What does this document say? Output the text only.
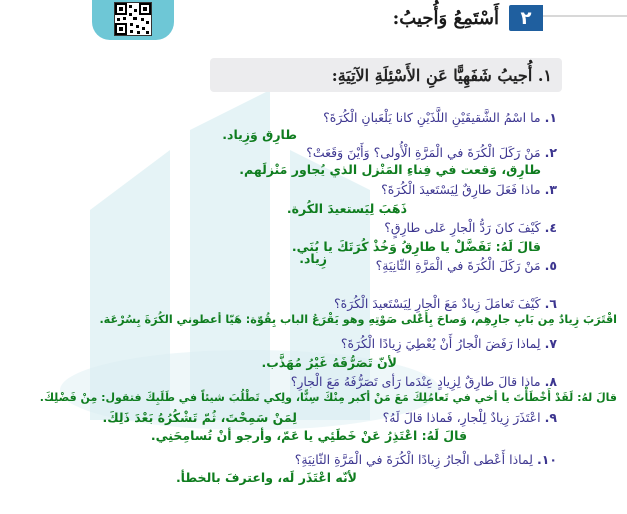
٢
أَسْتَمِعُ وَأُجيبُ:
١. أُجيبُ شَفَهِيًّا عَنِ الأَسْئِلَةِ الآتِيَةِ:
١.ما اسْمُ الشَّقيقَيْنِ اللَّذَيْنِ كانا يَلْعَبانِ الْكُرَةَ؟
طارِق وَزِياد.
٢.مَنْ رَكَلَ الْكُرَةَ في الْمَرَّةِ الْأُولى؟ وَأَيْنَ وَقَعَتْ؟
طارِق، وَقعت في فِناءِ المَنْزل الذي يُجاور مَنْزلَهم.
٣.ماذا فَعَلَ طارِقٌ لِيَسْتَعيدَ الْكُرَةَ؟
ذَهَبَ لِيَستعيدَ الكُرة.
٤.كَيْفَ كانَ رَدُّ الْجارِ عَلى طارِقٍ؟
قالَ لَهُ: تَفَضَّلْ يا طارِقُ وَخُذْ كُرَتَكَ يا بُنَي.
٥.مَنْ رَكَلَ الْكُرَةَ في الْمَرَّةِ الثّانِيَةِ؟
زِياد.
٦.كَيْفَ تَعامَلَ زِيادٌ مَعَ الْجارِ لِيَسْتَعيدَ الْكُرَةَ؟
اقْتَرَبَ زِيادٌ مِن بَابِ جارِهِم، وَصاحَ بِأَعْلى صَوْتِهِ وهو يَقْرَعُ الباب بِقُوّة: هَيّا أعطوني الكُرَةَ بِسُرْعَة.
٧.لِماذا رَفَضَ الْجارُ أَنْ يُعْطِيَ زِيادًا الْكُرَةَ؟
لأنّ تَصَرُّفَهُ غَيْرُ مُهَذَّب.
٨.ماذا قالَ طارِقٌ لِزِيادٍ عِنْدَما رَأى تَصَرُّفَهُ مَعَ الْجارِ؟
قالَ لهُ: لَقَدْ أَخْطَأْتَ يا أخي في تَعامُلِكَ مَعَ مَنْ أكبر مِنْكَ سِنًّا، ولِكي تَطْلُبَ شيئاً في طَلَبِكَ فتقول: مِنْ فَضْلِكَ.
٩.اعْتَذَرَ زِيادٌ لِلْجارِ، فَماذا قالَ لَهُ؟
لِمَنْ سَمِحْتَ، ثُمّ تَشْكُرُهُ بَعْدَ ذَلِكَ.
قالَ لَهُ: اعْتَذِرُ عَنْ خَطَئِي يا عَمّ، وأرجو أنْ تُسامِحَنِي.
١٠.لِماذا أَعْطى الْجارُ زِيادًا الْكُرَةَ في الْمَرَّةِ الثّانِيَةِ؟
لأنّه اعْتَذَر لَه، واعترفَ بالخطأ.
